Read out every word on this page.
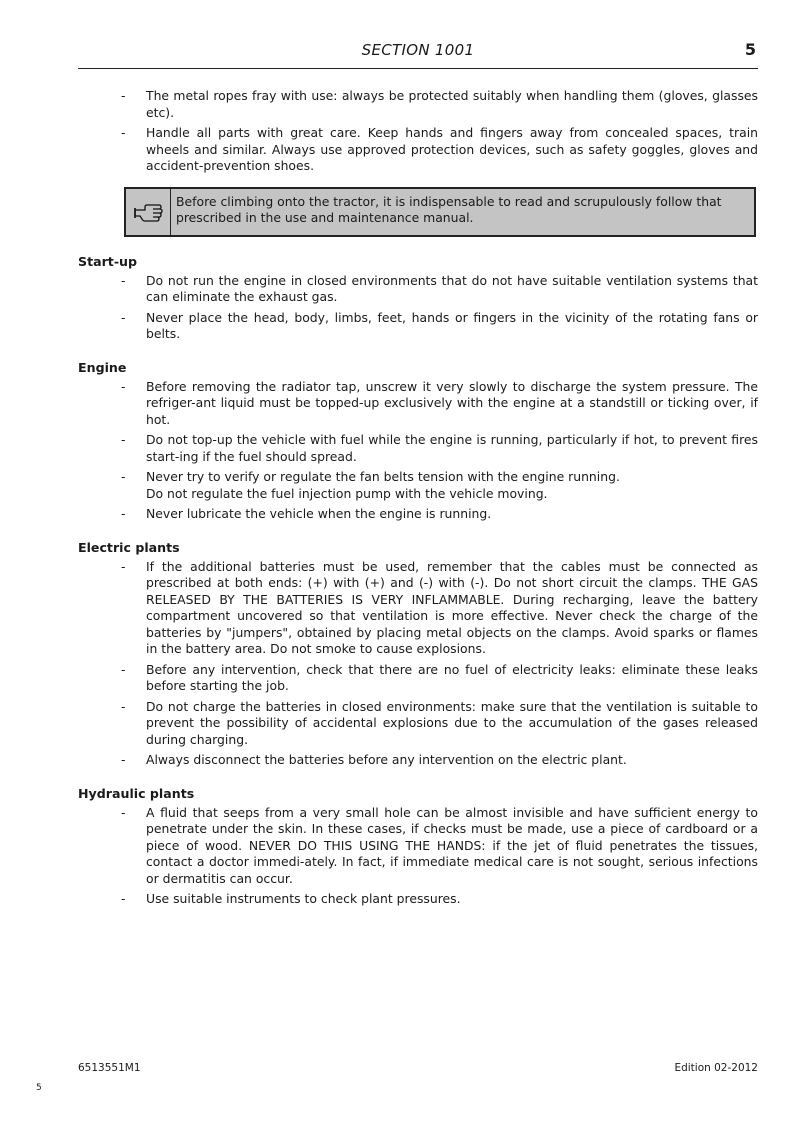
SECTION 1001	5
- The metal ropes fray with use: always be protected suitably when handling them (gloves, glasses etc).
- Handle all parts with great care. Keep hands and fingers away from concealed spaces, train wheels and similar. Always use approved protection devices, such as safety goggles, gloves and accident-prevention shoes.
Before climbing onto the tractor, it is indispensable to read and scrupulously follow that prescribed in the use and maintenance manual.
Start-up
- Do not run the engine in closed environments that do not have suitable ventilation systems that can eliminate the exhaust gas.
- Never place the head, body, limbs, feet, hands or fingers in the vicinity of the rotating fans or belts.
Engine
- Before removing the radiator tap, unscrew it very slowly to discharge the system pressure. The refriger-ant liquid must be topped-up exclusively with the engine at a standstill or ticking over, if hot.
- Do not top-up the vehicle with fuel while the engine is running, particularly if hot, to prevent fires start-ing if the fuel should spread.
- Never try to verify or regulate the fan belts tension with the engine running.
Do not regulate the fuel injection pump with the vehicle moving.
- Never lubricate the vehicle when the engine is running.
Electric plants
- If the additional batteries must be used, remember that the cables must be connected as prescribed at both ends: (+) with (+) and (-) with (-). Do not short circuit the clamps. THE GAS RELEASED BY THE BATTERIES IS VERY INFLAMMABLE. During recharging, leave the battery compartment uncovered so that ventilation is more effective. Never check the charge of the batteries by "jumpers", obtained by placing metal objects on the clamps. Avoid sparks or flames in the battery area. Do not smoke to cause explosions.
- Before any intervention, check that there are no fuel of electricity leaks: eliminate these leaks before starting the job.
- Do not charge the batteries in closed environments: make sure that the ventilation is suitable to prevent the possibility of accidental explosions due to the accumulation of the gases released during charging.
- Always disconnect the batteries before any intervention on the electric plant.
Hydraulic plants
- A fluid that seeps from a very small hole can be almost invisible and have sufficient energy to penetrate under the skin. In these cases, if checks must be made, use a piece of cardboard or a piece of wood. NEVER DO THIS USING THE HANDS: if the jet of fluid penetrates the tissues, contact a doctor immedi-ately. In fact, if immediate medical care is not sought, serious infections or dermatitis can occur.
- Use suitable instruments to check plant pressures.
6513551M1	Edition 02-2012
5
